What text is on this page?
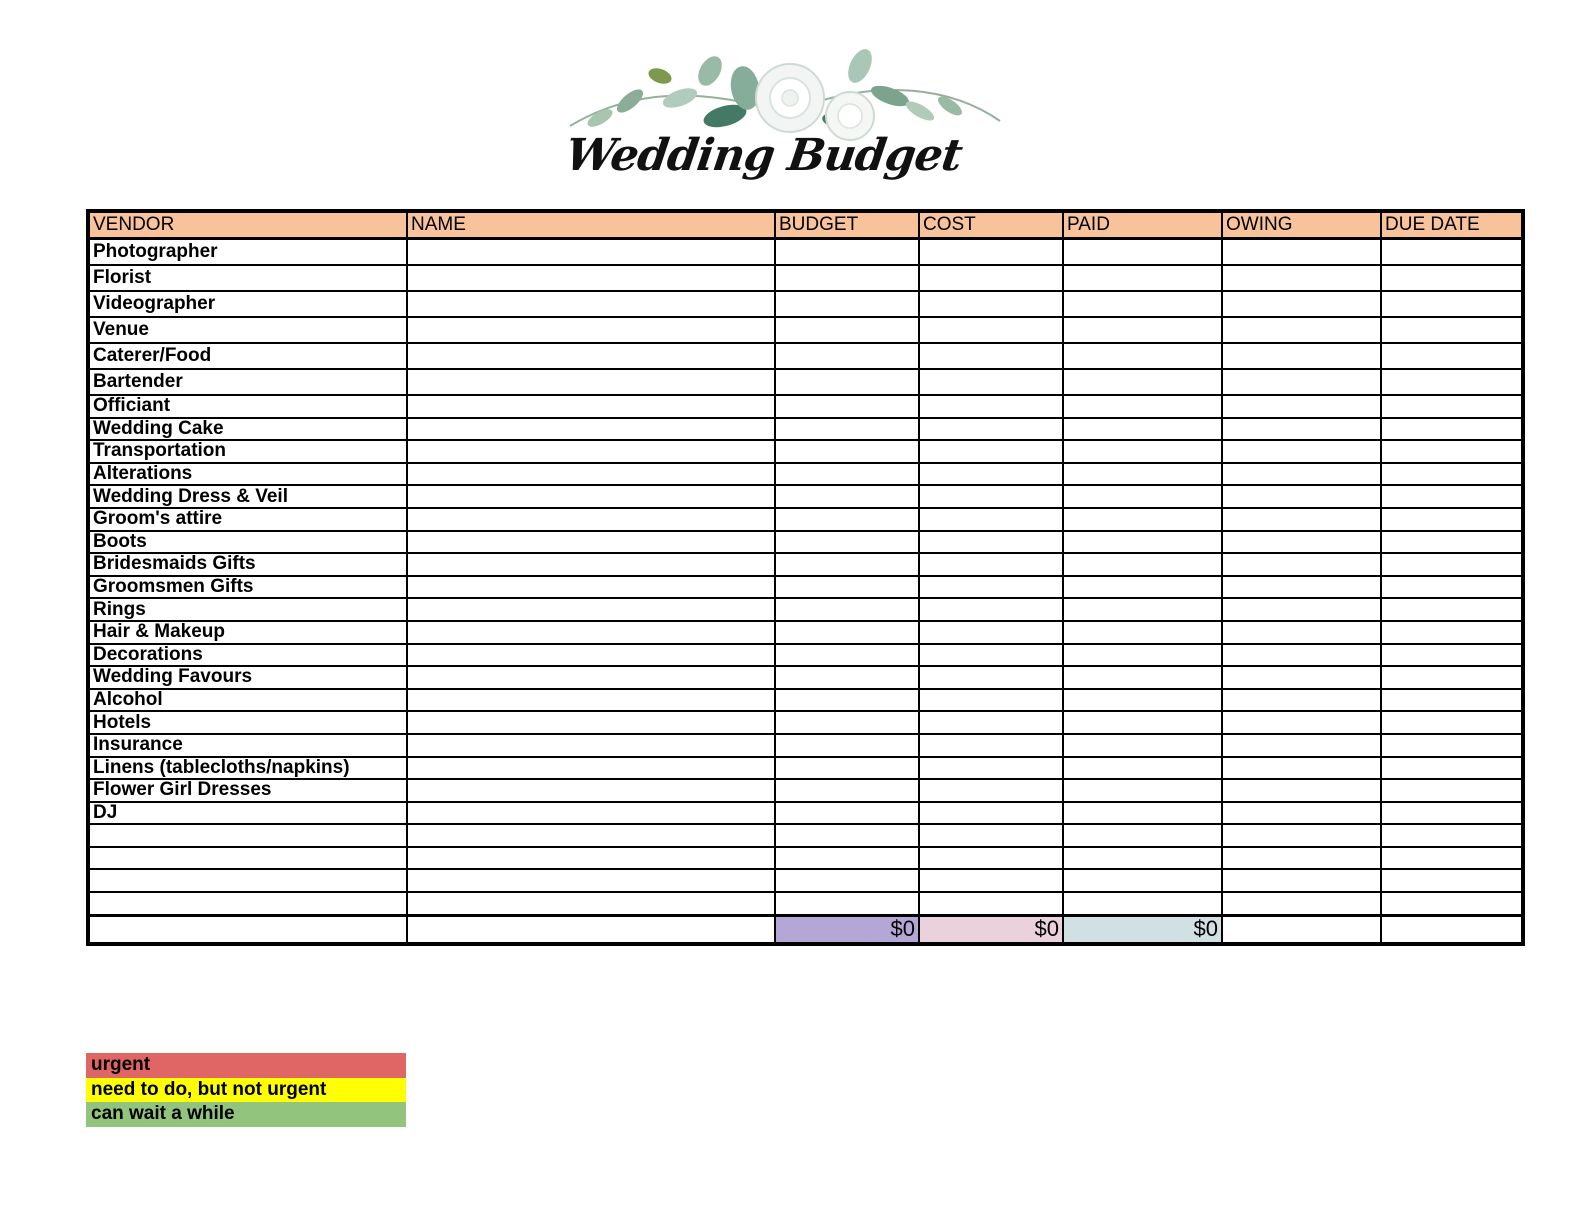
Wedding Budget
VENDOR	NAME	BUDGET	COST	PAID	OWING	DUE DATE
Photographer						
Florist						
Videographer						
Venue						
Caterer/Food						
Bartender						
Officiant						
Wedding Cake						
Transportation						
Alterations						
Wedding Dress & Veil						
Groom's attire						
Boots						
Bridesmaids Gifts						
Groomsmen Gifts						
Rings						
Hair & Makeup						
Decorations						
Wedding Favours						
Alcohol						
Hotels						
Insurance						
Linens (tablecloths/napkins)						
Flower Girl Dresses						
DJ						

		$0	$0	$0		
urgent
need to do, but not urgent
can wait a while
